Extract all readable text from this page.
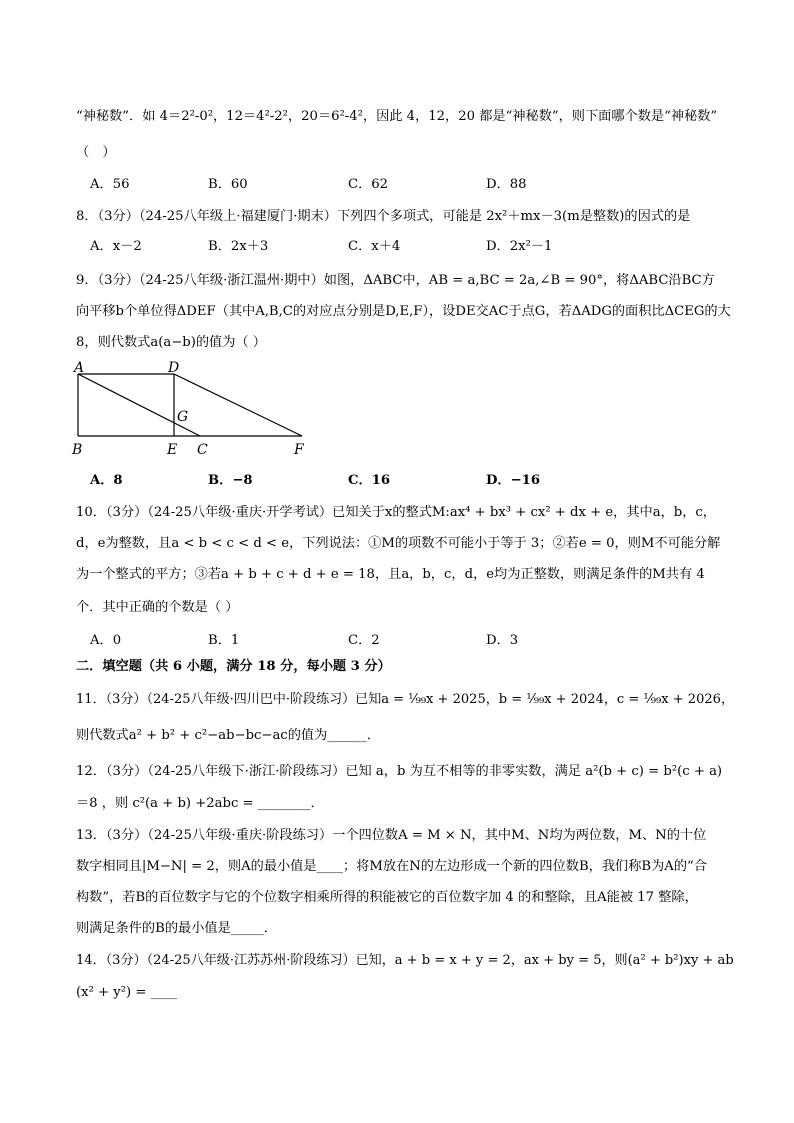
“神秘数”．如 4＝2²-0²，12＝4²-2²，20＝6²-4²，因此 4，12，20 都是“神秘数”，则下面哪个数是“神秘数”
（　）
A．56	B．60	C．62	D．88
8．（3分）（24-25八年级上·福建厦门·期末）下列四个多项式，可能是 2x²＋mx－3(m是整数)的因式的是
A．x－2	B．2x＋3	C．x＋4	D．2x²－1
9．（3分）（24-25八年级·浙江温州·期中）如图，ΔABC中，AB = a,BC = 2a,∠B = 90°，将ΔABC沿BC方
向平移b个单位得ΔDEF（其中A,B,C的对应点分别是D,E,F），设DE交AC于点G，若ΔADG的面积比ΔCEG的大
8，则代数式a(a−b)的值为（ ）
A	D
G
B	E C	F
A．8	B．−8	C．16	D．−16
10．（3分）（24-25八年级·重庆·开学考试）已知关于x的整式M:ax⁴ + bx³ + cx² + dx + e，其中a，b，c，
d，e为整数，且a < b < c < d < e，下列说法：①M的项数不可能小于等于 3；②若e = 0，则M不可能分解
为一个整式的平方；③若a + b + c + d + e = 18，且a，b，c，d，e均为正整数，则满足条件的M共有 4
个．其中正确的个数是（ ）
A．0	B．1	C．2	D．3
二．填空题（共 6 小题，满分 18 分，每小题 3 分）
11．（3分）（24-25八年级·四川巴中·阶段练习）已知a = ¹⁄₉₉x + 2025，b = ¹⁄₉₉x + 2024，c = ¹⁄₉₉x + 2026，
则代数式a² + b² + c²−ab−bc−ac的值为______．
12．（3分）（24-25八年级下·浙江·阶段练习）已知 a，b 为互不相等的非零实数，满足 a²(b + c) = b²(c + a)
＝8 ，则 c²(a + b) +2abc = ________．
13．（3分）（24-25八年级·重庆·阶段练习）一个四位数A = M × N，其中M、N均为两位数，M、N的十位
数字相同且|M−N| = 2，则A的最小值是____；将M放在N的左边形成一个新的四位数B，我们称B为A的“合
构数”，若B的百位数字与它的个位数字相乘所得的积能被它的百位数字加 4 的和整除，且A能被 17 整除，
则满足条件的B的最小值是_____．
14．（3分）（24-25八年级·江苏苏州·阶段练习）已知，a + b = x + y = 2，ax + by = 5，则(a² + b²)xy + ab
(x² + y²) = ____
